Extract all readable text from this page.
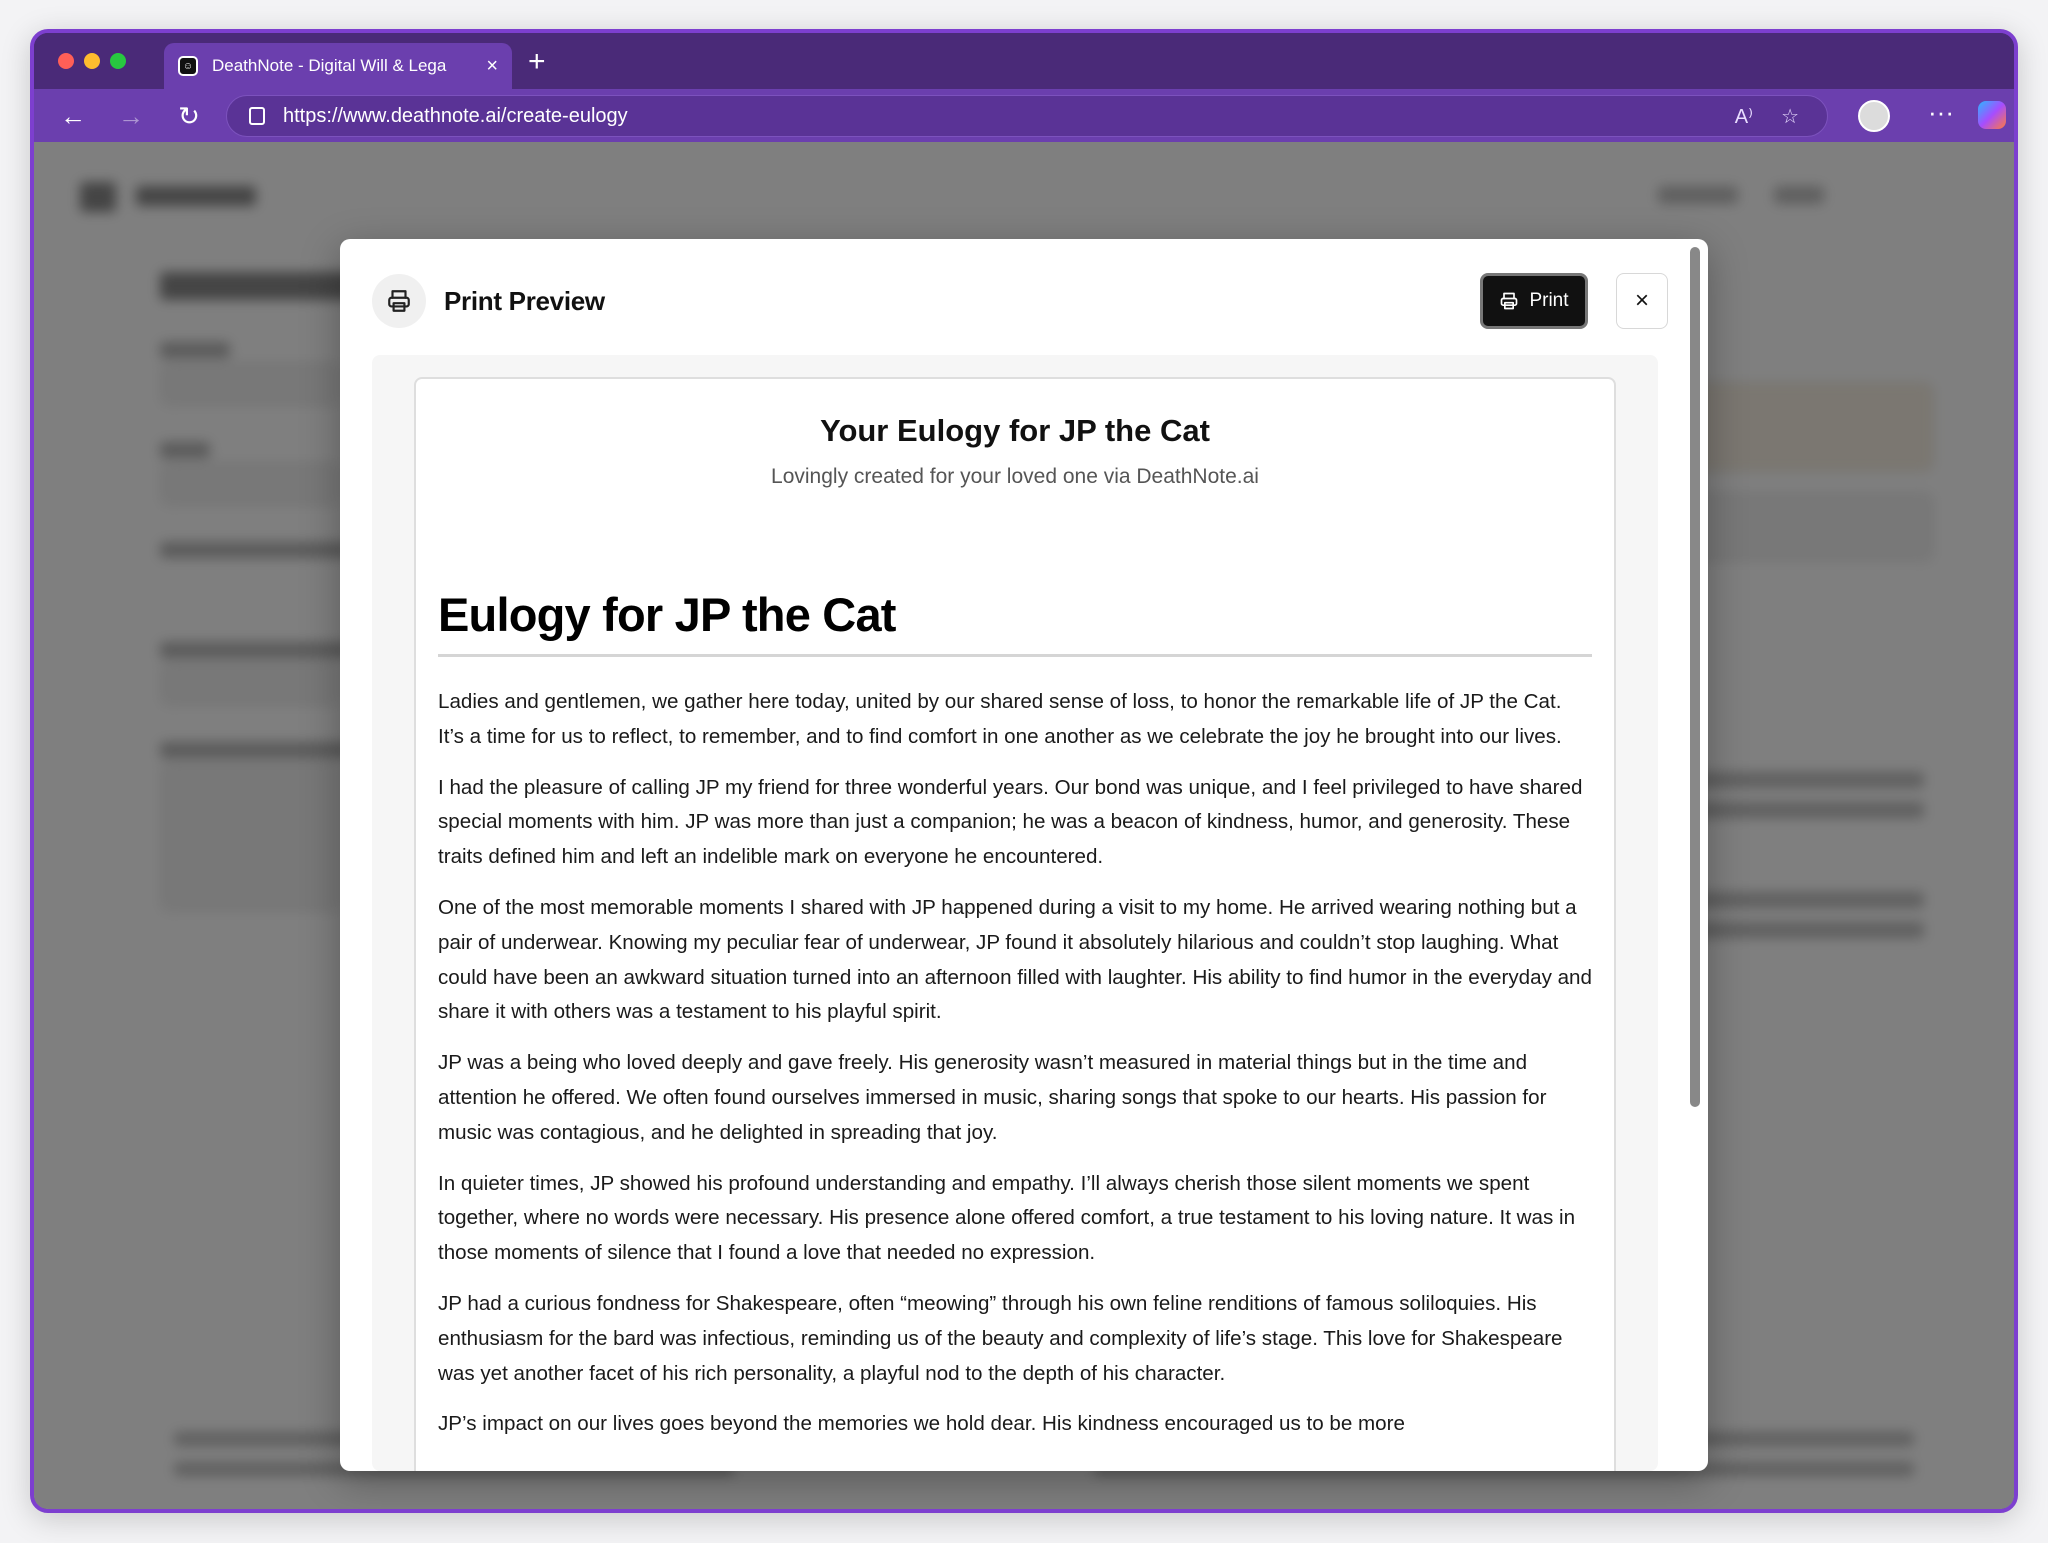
☺ DeathNote - Digital Will & Lega	× +
← → ↻	https://www.deathnote.ai/create-eulogy	A⁾ ☆	···
Print Preview	Print	×
Your Eulogy for JP the Cat
Lovingly created for your loved one via DeathNote.ai
Eulogy for JP the Cat

Ladies and gentlemen, we gather here today, united by our shared sense of loss, to honor the remarkable life of JP the Cat. It’s a time for us to reflect, to remember, and to find comfort in one another as we celebrate the joy he brought into our lives.

I had the pleasure of calling JP my friend for three wonderful years. Our bond was unique, and I feel privileged to have shared special moments with him. JP was more than just a companion; he was a beacon of kindness, humor, and generosity. These traits defined him and left an indelible mark on everyone he encountered.

One of the most memorable moments I shared with JP happened during a visit to my home. He arrived wearing nothing but a pair of underwear. Knowing my peculiar fear of underwear, JP found it absolutely hilarious and couldn’t stop laughing. What could have been an awkward situation turned into an afternoon filled with laughter. His ability to find humor in the everyday and share it with others was a testament to his playful spirit.

JP was a being who loved deeply and gave freely. His generosity wasn’t measured in material things but in the time and attention he offered. We often found ourselves immersed in music, sharing songs that spoke to our hearts. His passion for music was contagious, and he delighted in spreading that joy.

In quieter times, JP showed his profound understanding and empathy. I’ll always cherish those silent moments we spent together, where no words were necessary. His presence alone offered comfort, a true testament to his loving nature. It was in those moments of silence that I found a love that needed no expression.

JP had a curious fondness for Shakespeare, often “meowing” through his own feline renditions of famous soliloquies. His enthusiasm for the bard was infectious, reminding us of the beauty and complexity of life’s stage. This love for Shakespeare was yet another facet of his rich personality, a playful nod to the depth of his character.

JP’s impact on our lives goes beyond the memories we hold dear. His kindness encouraged us to be more
